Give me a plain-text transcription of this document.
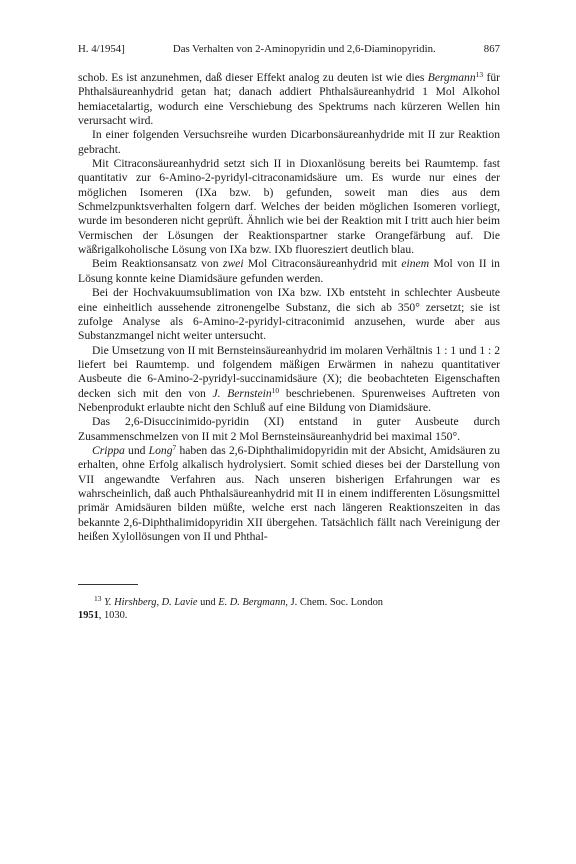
H. 4/1954]	Das Verhalten von 2-Aminopyridin und 2,6-Diaminopyridin.	867

schob. Es ist anzunehmen, daß dieser Effekt analog zu deuten ist wie dies Bergmann$^{13}$ für Phthalsäureanhydrid getan hat; danach addiert Phthalsäureanhydrid 1 Mol Alkohol hemiacetalartig, wodurch eine Verschiebung des Spektrums nach kürzeren Wellen hin verursacht wird.

In einer folgenden Versuchsreihe wurden Dicarbonsäureanhydride mit II zur Reaktion gebracht.

Mit Citraconsäureanhydrid setzt sich II in Dioxanlösung bereits bei Raumtemp. fast quantitativ zur 6-Amino-2-pyridyl-citraconamidsäure um. Es wurde nur eines der möglichen Isomeren (IXa bzw. b) gefunden, soweit man dies aus dem Schmelzpunktsverhalten folgern darf. Welches der beiden möglichen Isomeren vorliegt, wurde im besonderen nicht geprüft. Ähnlich wie bei der Reaktion mit I tritt auch hier beim Vermischen der Lösungen der Reaktionspartner starke Orangefärbung auf. Die wäßrigalkoholische Lösung von IXa bzw. IXb fluoresziert deutlich blau.

Beim Reaktionsansatz von zwei Mol Citraconsäureanhydrid mit einem Mol von II in Lösung konnte keine Diamidsäure gefunden werden.

Bei der Hochvakuumsublimation von IXa bzw. IXb entsteht in schlechter Ausbeute eine einheitlich aussehende zitronengelbe Substanz, die sich ab 350° zersetzt; sie ist zufolge Analyse als 6-Amino-2-pyridyl-citraconimid anzusehen, wurde aber aus Substanzmangel nicht weiter untersucht.

Die Umsetzung von II mit Bernsteinsäureanhydrid im molaren Verhältnis 1 : 1 und 1 : 2 liefert bei Raumtemp. und folgendem mäßigen Erwärmen in nahezu quantitativer Ausbeute die 6-Amino-2-pyridyl-succinamidsäure (X); die beobachteten Eigenschaften decken sich mit den von J. Bernstein$^{10}$ beschriebenen. Spurenweises Auftreten von Nebenprodukt erlaubte nicht den Schluß auf eine Bildung von Diamidsäure.

Das 2,6-Disuccinimido-pyridin (XI) entstand in guter Ausbeute durch Zusammenschmelzen von II mit 2 Mol Bernsteinsäureanhydrid bei maximal 150°.

Crippa und Long$^7$ haben das 2,6-Diphthalimidopyridin mit der Absicht, Amidsäuren zu erhalten, ohne Erfolg alkalisch hydrolysiert. Somit schied dieses bei der Darstellung von VII angewandte Verfahren aus. Nach unseren bisherigen Erfahrungen war es wahrscheinlich, daß auch Phthalsäureanhydrid mit II in einem indifferenten Lösungsmittel primär Amidsäuren bilden müßte, welche erst nach längeren Reaktionszeiten in das bekannte 2,6-Diphthalimidopyridin XII übergehen. Tatsächlich fällt nach Vereinigung der heißen Xylollösungen von II und Phthal-

$^{13}$ Y. Hirshberg, D. Lavie und E. D. Bergmann, J. Chem. Soc. London
1951, 1030.
